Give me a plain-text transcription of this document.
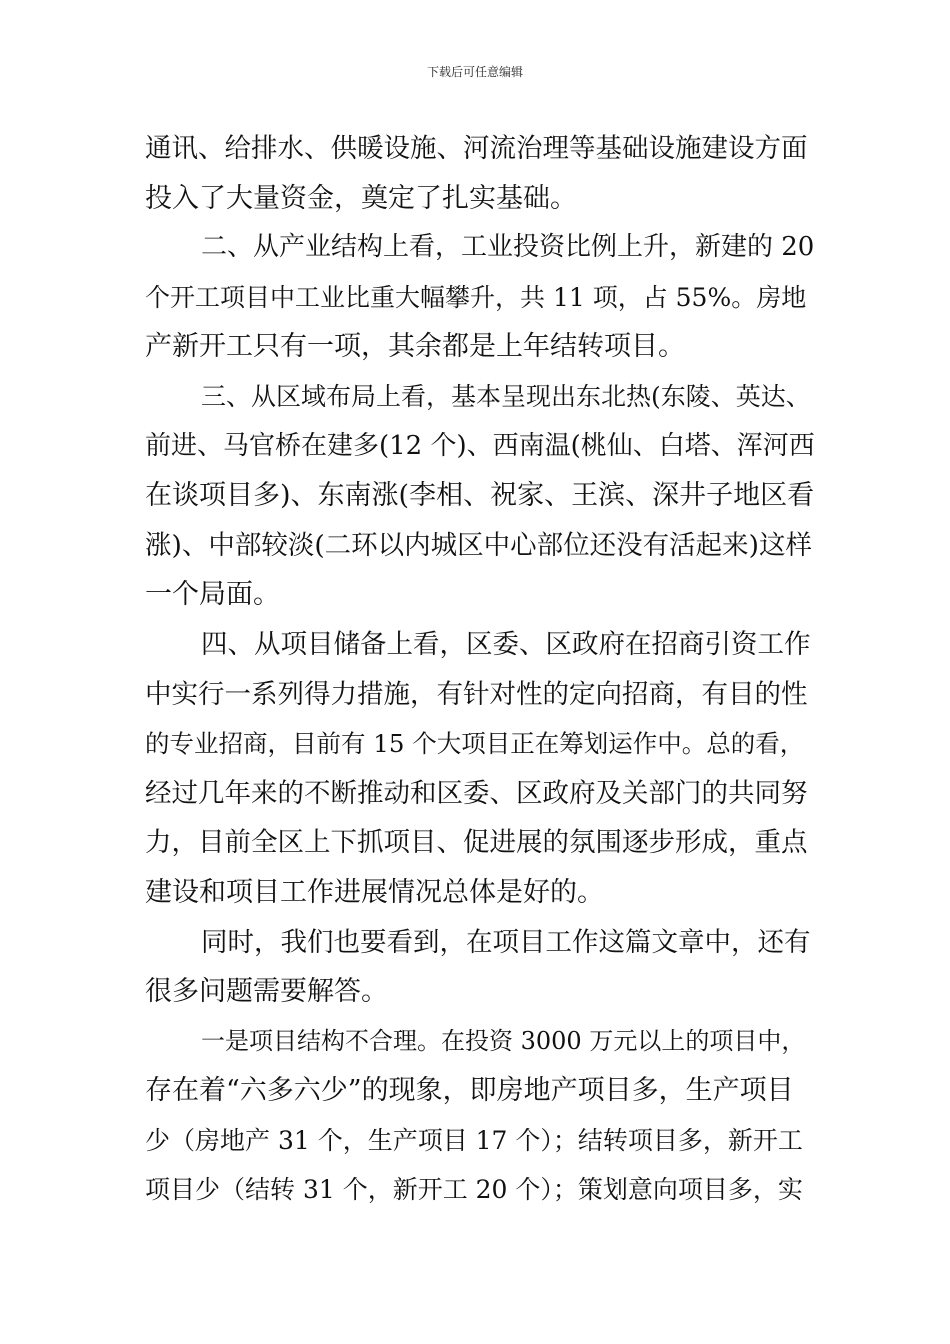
下载后可任意编辑
通讯、给排水、供暖设施、河流治理等基础设施建设方面
投入了大量资金，奠定了扎实基础。
二、从产业结构上看，工业投资比例上升，新建的 20
个开工项目中工业比重大幅攀升，共 11 项，占 55%。房地
产新开工只有一项，其余都是上年结转项目。
三、从区域布局上看，基本呈现出东北热(东陵、英达、
前进、马官桥在建多(12 个)、西南温(桃仙、白塔、浑河西
在谈项目多)、东南涨(李相、祝家、王滨、深井子地区看
涨)、中部较淡(二环以内城区中心部位还没有活起来)这样
一个局面。
四、从项目储备上看，区委、区政府在招商引资工作
中实行一系列得力措施，有针对性的定向招商，有目的性
的专业招商，目前有 15 个大项目正在筹划运作中。总的看，
经过几年来的不断推动和区委、区政府及关部门的共同努
力，目前全区上下抓项目、促进展的氛围逐步形成，重点
建设和项目工作进展情况总体是好的。
同时，我们也要看到，在项目工作这篇文章中，还有
很多问题需要解答。
一是项目结构不合理。在投资 3000 万元以上的项目中，
存在着“六多六少”的现象，即房地产项目多，生产项目
少（房地产 31 个，生产项目 17 个）；结转项目多，新开工
项目少（结转 31 个，新开工 20 个）；策划意向项目多，实
